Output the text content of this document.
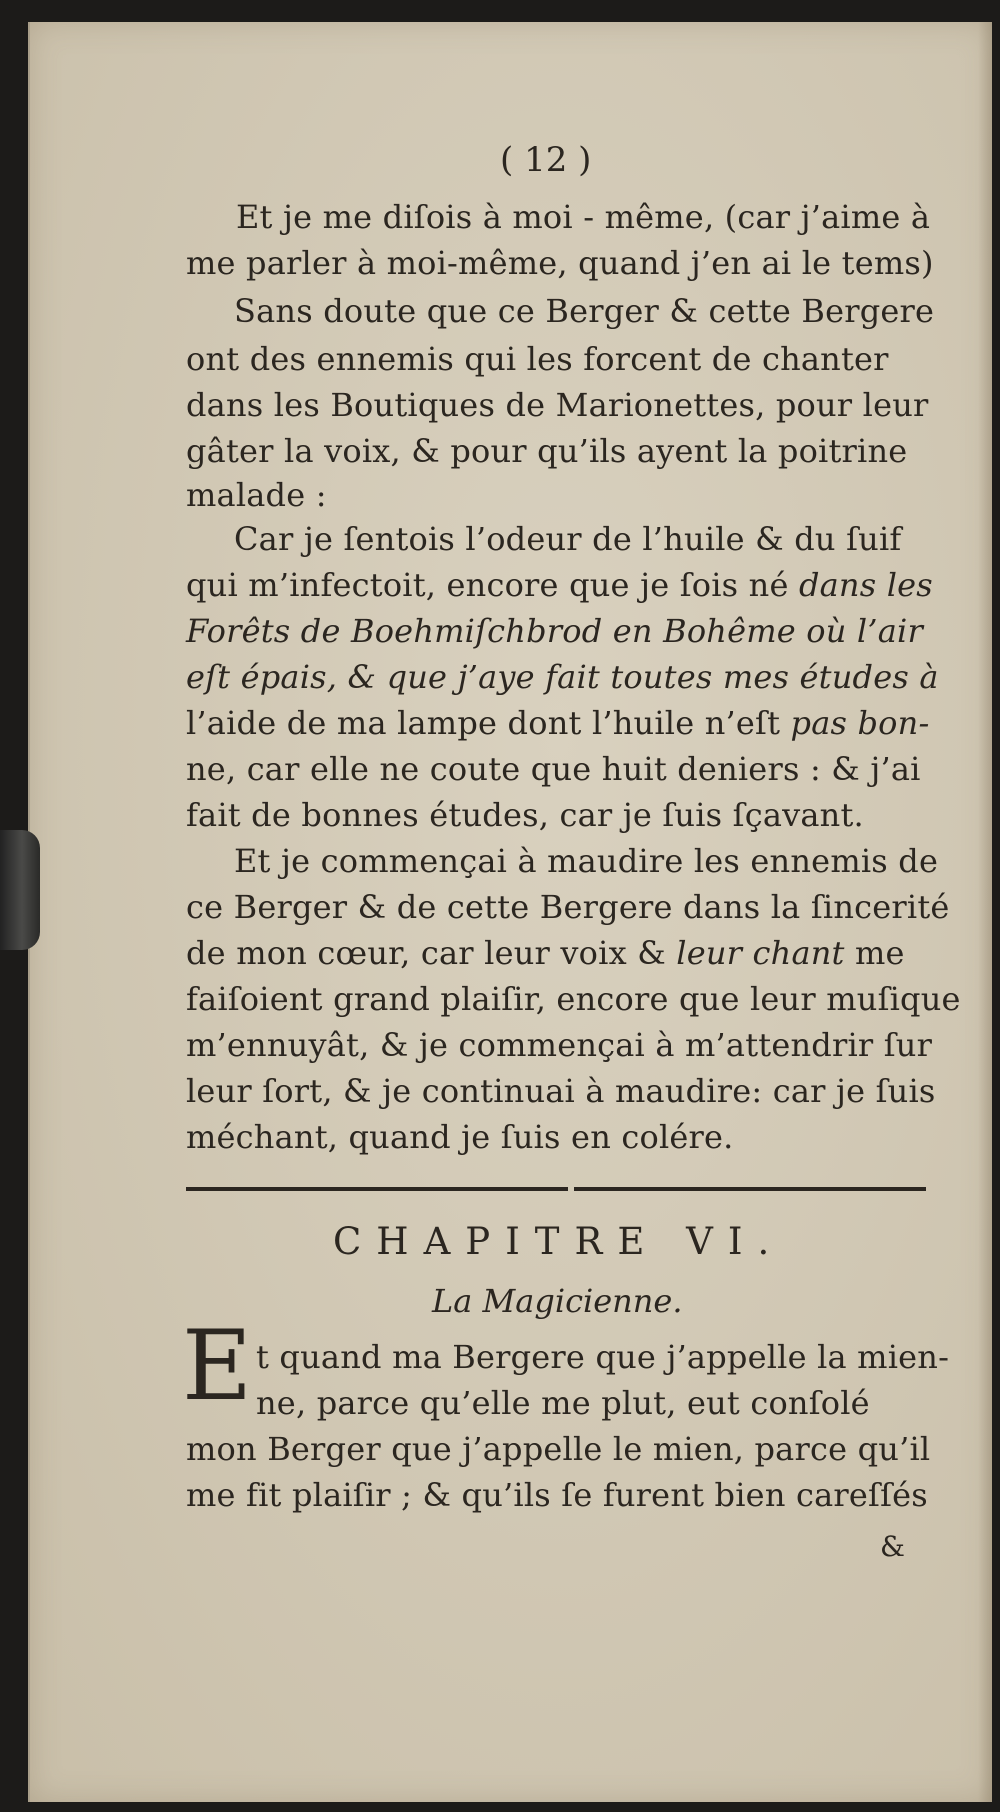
( 12 )
Et je me diſois à moi - même, (car j’aime à
me parler à moi-même, quand j’en ai le tems)
Sans doute que ce Berger & cette Bergere
ont des ennemis qui les forcent de chanter
dans les Boutiques de Marionettes, pour leur
gâter la voix, & pour qu’ils ayent la poitrine
malade :
Car je ſentois l’odeur de l’huile & du ſuif
qui m’infectoit, encore que je ſois né dans les
Forêts de Boehmiſchbrod en Bohême où l’air
eſt épais, & que j’aye fait toutes mes études à
l’aide de ma lampe dont l’huile n’eſt pas bon-
ne, car elle ne coute que huit deniers : & j’ai
fait de bonnes études, car je ſuis ſçavant.
Et je commençai à maudire les ennemis de
ce Berger & de cette Bergere dans la ſincerité
de mon cœur, car leur voix & leur chant me
faiſoient grand plaiſir, encore que leur muſique
m’ennuyât, & je commençai à m’attendrir ſur
leur ſort, & je continuai à maudire: car je ſuis
méchant, quand je ſuis en colére.
CHAPITRE VI.
La Magicienne.
E t quand ma Bergere que j’appelle la mien-
ne, parce qu’elle me plut, eut conſolé
mon Berger que j’appelle le mien, parce qu’il
me fit plaiſir ; & qu’ils ſe furent bien careſſés
&
